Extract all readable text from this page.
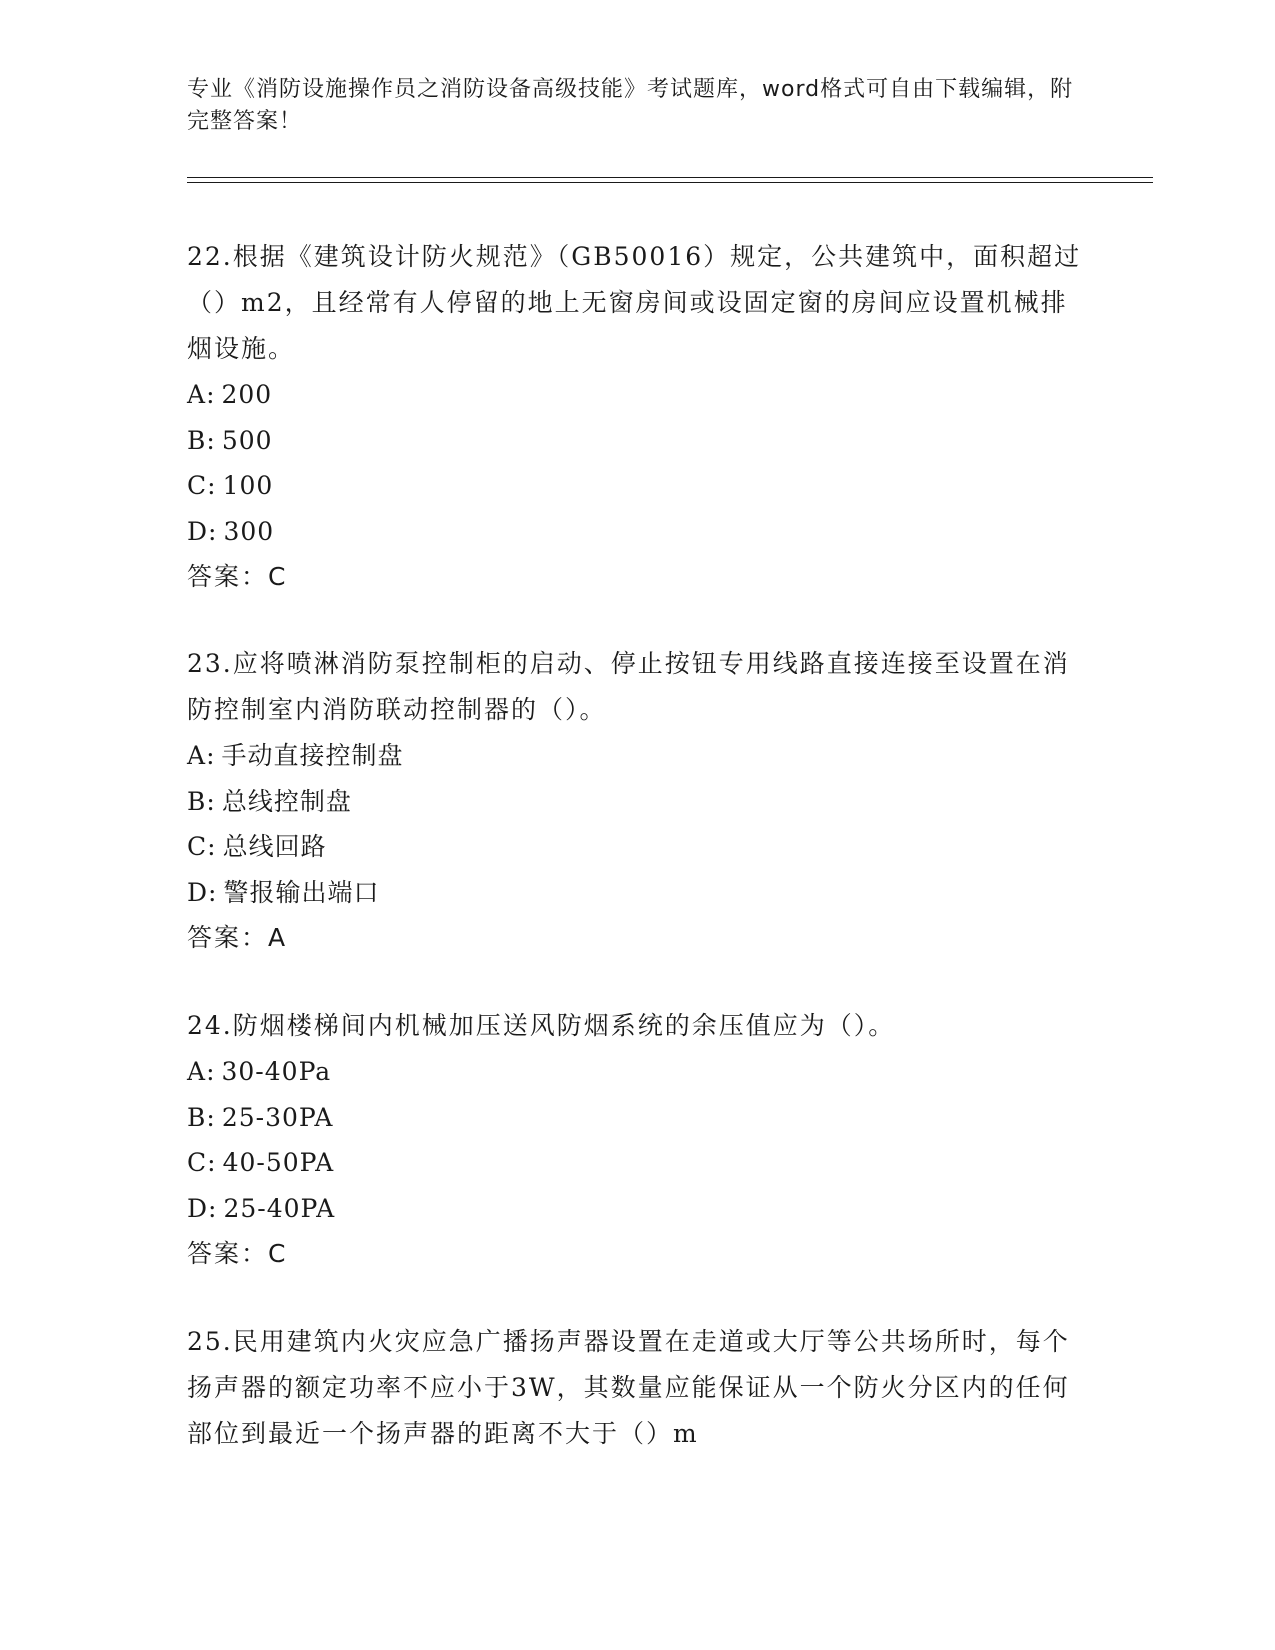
专业《消防设施操作员之消防设备高级技能》考试题库，word格式可自由下载编辑，附完整答案！
22.根据《建筑设计防火规范》（GB50016）规定，公共建筑中，面积超过（）m2，且经常有人停留的地上无窗房间或设固定窗的房间应设置机械排烟设施。
A: 200
B: 500
C: 100
D: 300
答案：C
23.应将喷淋消防泵控制柜的启动、停止按钮专用线路直接连接至设置在消防控制室内消防联动控制器的（）。
A: 手动直接控制盘
B: 总线控制盘
C: 总线回路
D: 警报输出端口
答案：A
24.防烟楼梯间内机械加压送风防烟系统的余压值应为（）。
A: 30-40Pa
B: 25-30PA
C: 40-50PA
D: 25-40PA
答案：C
25.民用建筑内火灾应急广播扬声器设置在走道或大厅等公共场所时，每个扬声器的额定功率不应小于3W，其数量应能保证从一个防火分区内的任何部位到最近一个扬声器的距离不大于（）m
